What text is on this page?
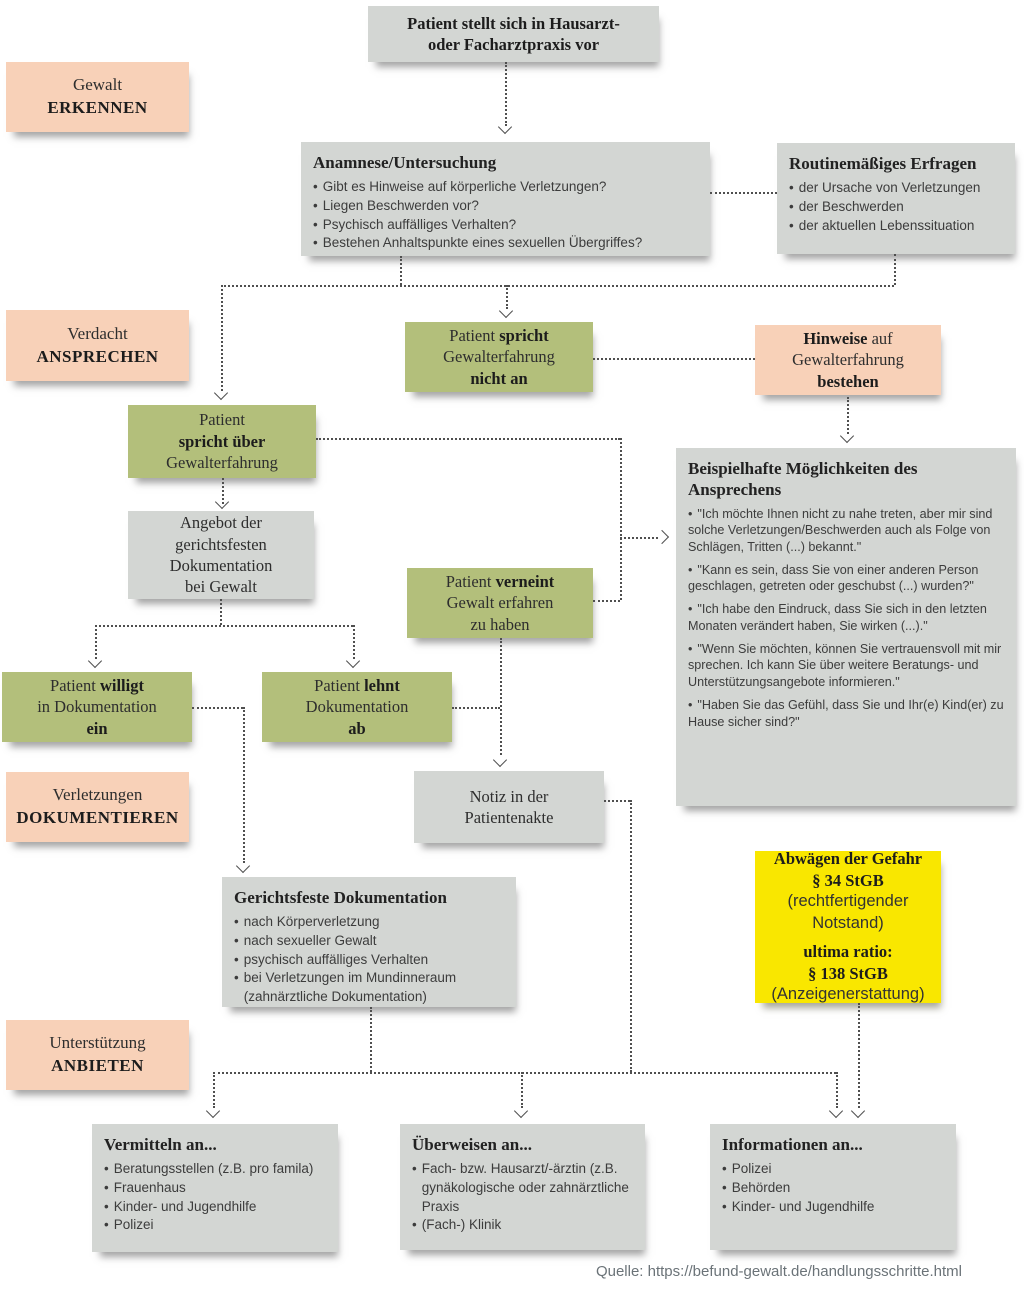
Gewalt
ERKENNEN
Verdacht
ANSPRECHEN
Verletzungen
DOKUMENTIEREN
Unterstützung
ANBIETEN
Patient stellt sich in Hausarzt-
oder Facharztpraxis vor
Anamnese/Untersuchung
• Gibt es Hinweise auf körperliche Verletzungen?
• Liegen Beschwerden vor?
• Psychisch auffälliges Verhalten?
• Bestehen Anhaltspunkte eines sexuellen Übergriffes?
Routinemäßiges Erfragen
• der Ursache von Verletzungen
• der Beschwerden
• der aktuellen Lebenssituation
Patient spricht
Gewalterfahrung
nicht an
Hinweise auf
Gewalterfahrung
bestehen
Patient
spricht über
Gewalterfahrung
Angebot der
gerichtsfesten
Dokumentation
bei Gewalt	Patient verneint
Gewalt erfahren
zu haben
Beispielhafte Möglichkeiten des Ansprechens
• "Ich möchte Ihnen nicht zu nahe treten, aber mir sind solche Verletzungen/Beschwerden auch als Folge von Schlägen, Tritten (...) bekannt."
• "Kann es sein, dass Sie von einer anderen Person geschlagen, getreten oder geschubst (...) wurden?"
• "Ich habe den Eindruck, dass Sie sich in den letzten Monaten verändert haben, Sie wirken (...)."
• "Wenn Sie möchten, können Sie vertrauensvoll mit mir sprechen. Ich kann Sie über weitere Beratungs- und Unterstützungsangebote informieren."
• "Haben Sie das Gefühl, dass Sie und Ihr(e) Kind(er) zu Hause sicher sind?"
Patient willigt
in Dokumentation
ein
Patient lehnt
Dokumentation
ab
Notiz in der
Patientenakte
Gerichtsfeste Dokumentation
• nach Körperverletzung
• nach sexueller Gewalt
• psychisch auffälliges Verhalten
• bei Verletzungen im Mundinneraum (zahnärztliche Dokumentation)
Abwägen der Gefahr
§ 34 StGB
(rechtfertigender
Notstand)
ultima ratio:
§ 138 StGB
(Anzeigenerstattung)
Vermitteln an...
• Beratungsstellen (z.B. pro famila)
• Frauenhaus
• Kinder- und Jugendhilfe
• Polizei
Überweisen an...
• Fach- bzw. Hausarzt/-ärztin (z.B. gynäkologische oder zahnärztliche Praxis
• (Fach-) Klinik
Informationen an...
• Polizei
• Behörden
• Kinder- und Jugendhilfe
Quelle: https://befund-gewalt.de/handlungsschritte.html
